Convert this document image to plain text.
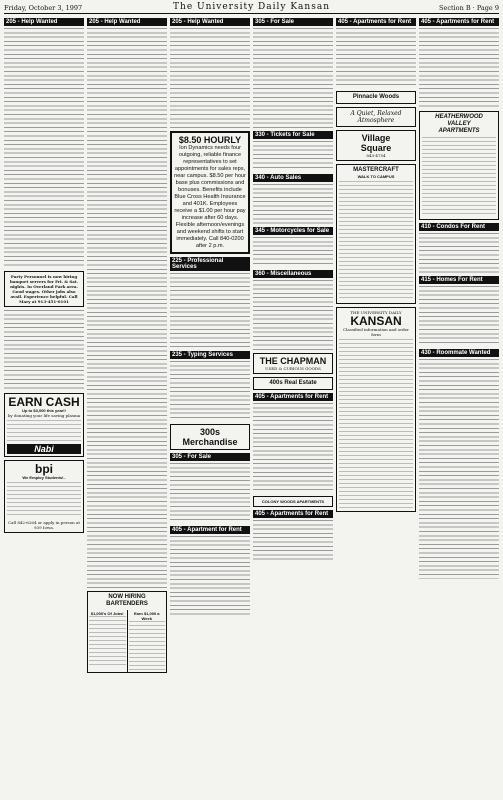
Friday, October 3, 1997	The University Daily Kansan	Section B · Page 9
205 - Help Wanted
Party Personnel is now hiring banquet servers for Fri. & Sat. nights. In Overland Park area. Good wages. Other jobs also avail. Experience helpful. Call Mary at 913-451-0101
EARN CASH
Up to $3,000 this year!!
by donating your life saving plasma
Nabi
bpi
We Employ Students!..
Call 842-6264 or apply in person at 939 Iowa.
205 - Help Wanted
NOW HIRING BARTENDERS
$1,000's Of Jobs!	Earn $1,000 a Week
205 - Help Wanted
$8.50 HOURLY
Ion Dynamics needs four outgoing, reliable finance representatives to set appointments for sales reps, near campus. $8.50 per hour base plus commissions and bonuses. Benefits include Blue Cross Health Insurance and 401K. Employees receive a $1.00 per hour pay increase after 60 days. Flexible afternoon/evenings and weekend shifts to start immediately. Call 840-0200 after 2 p.m.
225 - Professional Services
235 - Typing Services
300s Merchandise
305 - For Sale
405 - Apartment for Rent
305 - For Sale
330 - Tickets for Sale
340 - Auto Sales
345 - Motorcycles for Sale
360 - Miscellaneous
THE CHAPMAN
USED & CURIOUS GOODS
400s Real Estate
405 - Apartments for Rent
COLONY WOODS APARTMENTS
405 - Apartments for Rent
405 - Apartments for Rent
Pinnacle Woods
A Quiet, Relaxed
Atmosphere
Village
Square
843-4754
MASTERCRAFT
WALK TO CAMPUS
THE UNIVERSITY DAILY
KANSAN
Classified information and order form
405 - Apartments for Rent
HEATHERWOOD
VALLEY
APARTMENTS
410 - Condos For Rent
415 - Homes For Rent
430 - Roommate Wanted
